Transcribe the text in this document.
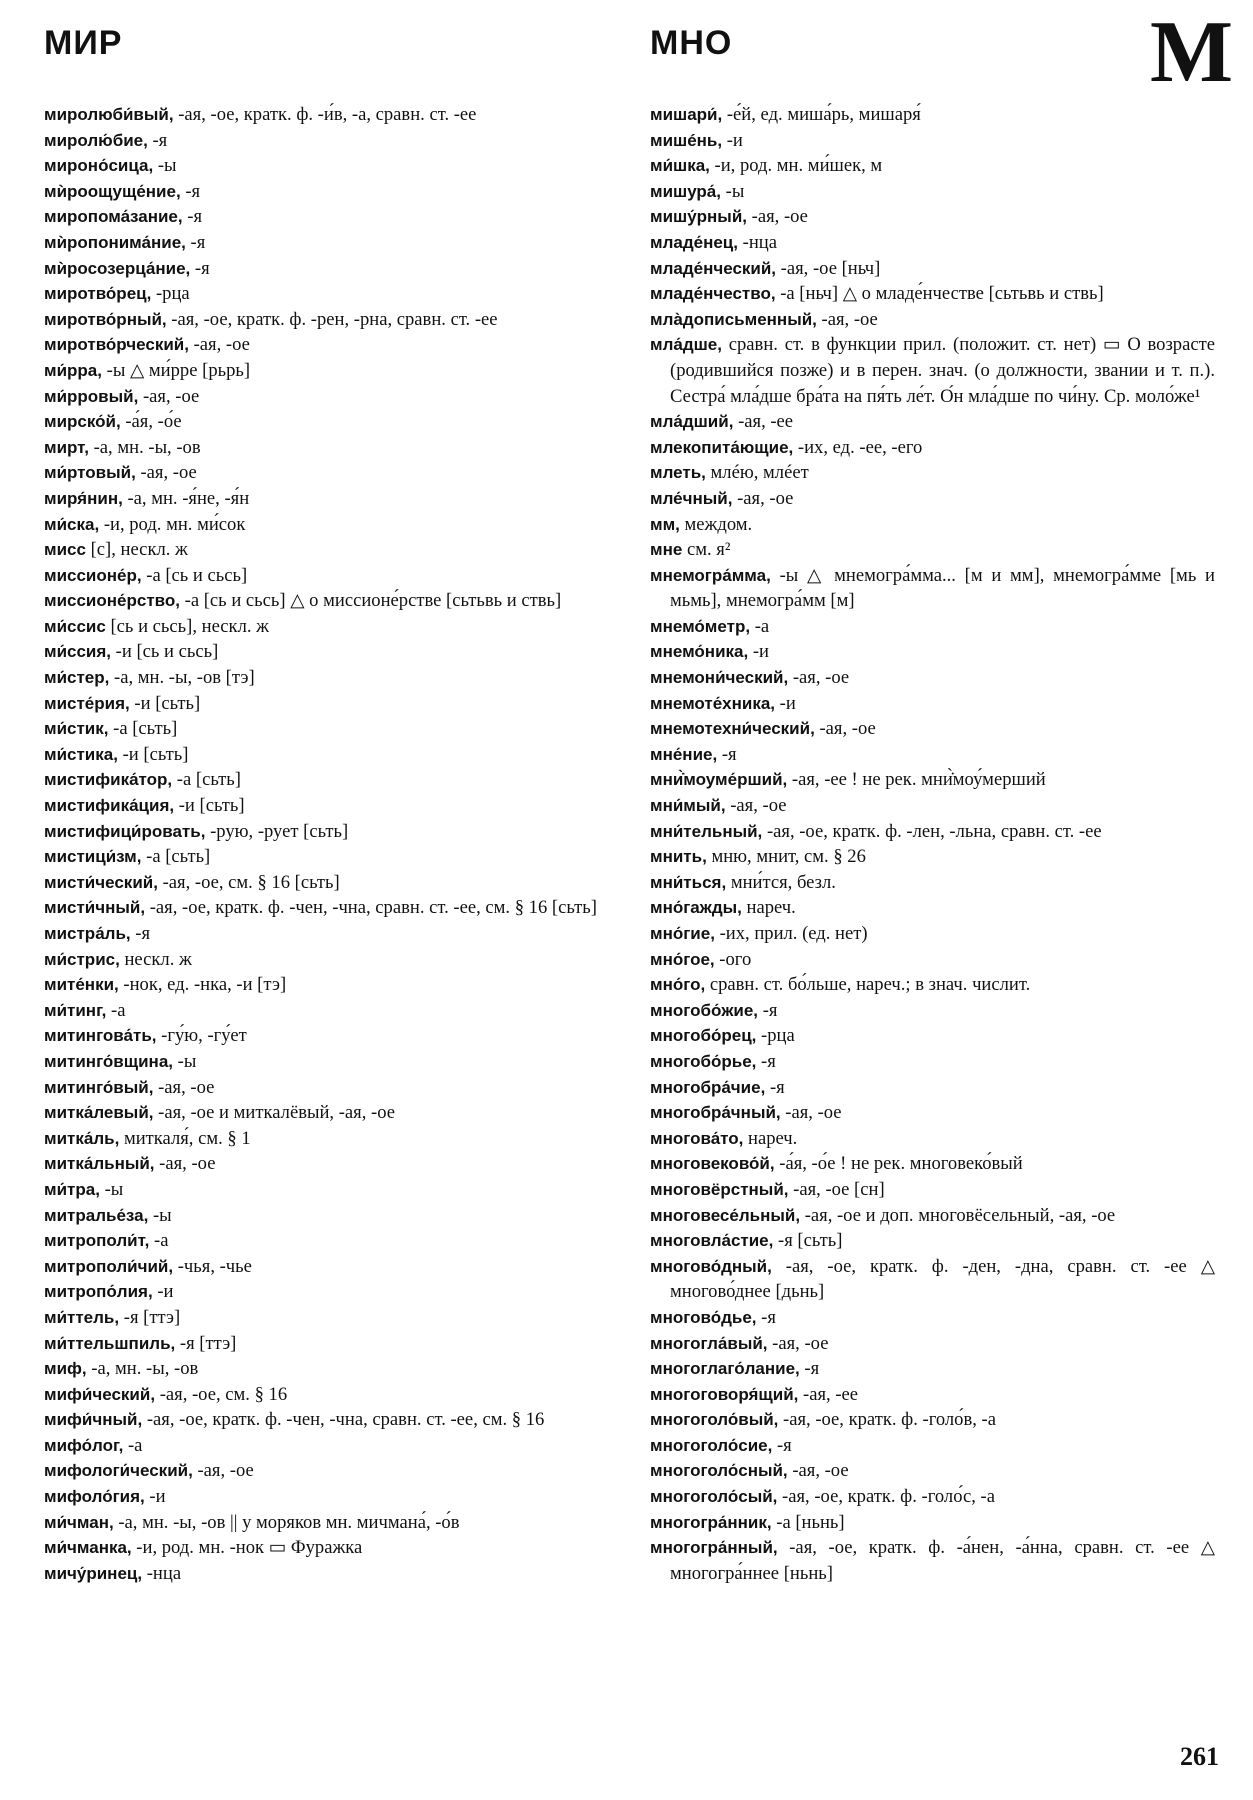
МИР	МНО	М

миролюби́вый, -ая, -ое, кратк. ф. -и́в, -а, сравн. ст. -ее

миролю́бие, -я

мироно́сица, -ы

мѝроощуще́ние, -я

миропома́зание, -я

мѝропонима́ние, -я

мѝросозерца́ние, -я

миротво́рец, -рца

миротво́рный, -ая, -ое, кратк. ф. -рен, -рна, сравн. ст. -ее

миротво́рческий, -ая, -ое

ми́рра, -ы △ ми́рре [рьрь]

ми́рровый, -ая, -ое

мирско́й, -а́я, -о́е

мирт, -а, мн. -ы, -ов

ми́ртовый, -ая, -ое

миря́нин, -а, мн. -я́не, -я́н

ми́ска, -и, род. мн. ми́сок

мисс [с], нескл. ж

миссионе́р, -а [сь и сьсь]

миссионе́рство, -а [сь и сьсь] △ о миссионе́рстве [сьтьвь и ствь]

ми́ссис [сь и сьсь], нескл. ж

ми́ссия, -и [сь и сьсь]

ми́стер, -а, мн. -ы, -ов [тэ]

мисте́рия, -и [сьть]

ми́стик, -а [сьть]

ми́стика, -и [сьть]

мистифика́тор, -а [сьть]

мистифика́ция, -и [сьть]

мистифици́ровать, -рую, -рует [сьть]

мистици́зм, -а [сьть]

мисти́ческий, -ая, -ое, см. § 16 [сьть]

мисти́чный, -ая, -ое, кратк. ф. -чен, -чна, сравн. ст. -ее, см. § 16 [сьть]

мистра́ль, -я

ми́стрис, нескл. ж

мите́нки, -нок, ед. -нка, -и [тэ]

ми́тинг, -а

митингова́ть, -гу́ю, -гу́ет

митинго́вщина, -ы

митинго́вый, -ая, -ое

митка́левый, -ая, -ое и миткалёвый, -ая, -ое

митка́ль, миткаля́, см. § 1

митка́льный, -ая, -ое

ми́тра, -ы

митралье́за, -ы

митрополи́т, -а

митрополи́чий, -чья, -чье

митропо́лия, -и

ми́ттель, -я [ттэ]

ми́ттельшпиль, -я [ттэ]

миф, -а, мн. -ы, -ов

мифи́ческий, -ая, -ое, см. § 16

мифи́чный, -ая, -ое, кратк. ф. -чен, -чна, сравн. ст. -ее, см. § 16

мифо́лог, -а

мифологи́ческий, -ая, -ое

мифоло́гия, -и

ми́чман, -а, мн. -ы, -ов || у моряков мн. мичмана́, -о́в

ми́чманка, -и, род. мн. -нок ▭ Фуражка

мичу́ринец, -нца

мишари́, -е́й, ед. миша́рь, мишаря́

мишéнь, -и

ми́шка, -и, род. мн. ми́шек, м

мишура́, -ы

мишу́рный, -ая, -ое

младе́нец, -нца

младе́нческий, -ая, -ое [ньч]

младе́нчество, -а [ньч] △ о младе́нчестве [сьтьвь и ствь]

мла̀дописьменный, -ая, -ое

мла́дше, сравн. ст. в функции прил. (положит. ст. нет) ▭ О возрасте (родившийся позже) и в перен. знач. (о должности, звании и т. п.). Сестра́ мла́дше бра́та на пя́ть ле́т. О́н мла́дше по чи́ну. Ср. моло́же¹

мла́дший, -ая, -ее

млекопита́ющие, -их, ед. -ее, -его

млеть, млéю, млéет

мле́чный, -ая, -ое

мм, междом.

мне см. я²

мнемогра́мма, -ы △ мнемогра́мма... [м и мм], мнемогра́мме [мь и мьмь], мнемогра́мм [м]

мнемо́метр, -а

мнемо́ника, -и

мнемони́ческий, -ая, -ое

мнемоте́хника, -и

мнемотехни́ческий, -ая, -ое

мне́ние, -я

мни̇̀моуме́рший, -ая, -ее ! не рек. мни̇̀моу́мерший

мни́мый, -ая, -ое

мни́тельный, -ая, -ое, кратк. ф. -лен, -льна, сравн. ст. -ее

мнить, мню, мнит, см. § 26

мни́ться, мни́тся, безл.

мно́гажды, нареч.

мно́гие, -их, прил. (ед. нет)

мно́гое, -ого

мно́го, сравн. ст. бо́льше, нареч.; в знач. числит.

многобо́жие, -я

многобо́рец, -рца

многобо́рье, -я

многобра́чие, -я

многобра́чный, -ая, -ое

многова́то, нареч.

многовеково́й, -а́я, -о́е ! не рек. многовеко́вый

многовёрстный, -ая, -ое [сн]

многовесе́льный, -ая, -ое и доп. многовёсельный, -ая, -ое

многовла́стие, -я [сьть]

многово́дный, -ая, -ое, кратк. ф. -ден, -дна, сравн. ст. -ее △ многово́днее [дьнь]

многово́дье, -я

многогла́вый, -ая, -ое

многоглаго́лание, -я

многоговоря́щий, -ая, -ее

многоголо́вый, -ая, -ое, кратк. ф. -голо́в, -а

многоголо́сие, -я

многоголо́сный, -ая, -ое

многоголо́сый, -ая, -ое, кратк. ф. -голо́с, -а

многогра́нник, -а [ньнь]

многогра́нный, -ая, -ое, кратк. ф. -а́нен, -а́нна, сравн. ст. -ее △ многогра́ннее [ньнь]

261
